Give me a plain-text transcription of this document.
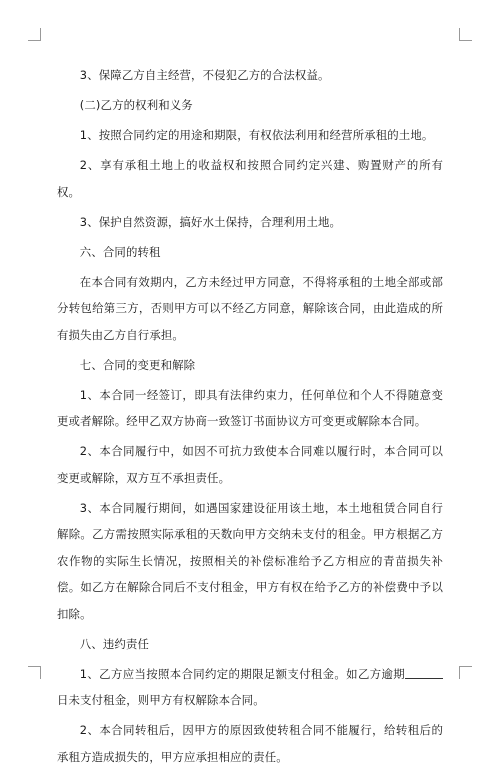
3、保障乙方自主经营，不侵犯乙方的合法权益。

(二)乙方的权利和义务

1、按照合同约定的用途和期限，有权依法利用和经营所承租的土地。

2、享有承租土地上的收益权和按照合同约定兴建、购置财产的所有权。

3、保护自然资源，搞好水土保持，合理利用土地。

六、合同的转租

在本合同有效期内，乙方未经过甲方同意，不得将承租的土地全部或部分转包给第三方，否则甲方可以不经乙方同意，解除该合同，由此造成的所有损失由乙方自行承担。

七、合同的变更和解除

1、本合同一经签订，即具有法律约束力，任何单位和个人不得随意变更或者解除。经甲乙双方协商一致签订书面协议方可变更或解除本合同。

2、本合同履行中，如因不可抗力致使本合同难以履行时，本合同可以变更或解除，双方互不承担责任。

3、本合同履行期间，如遇国家建设征用该土地，本土地租赁合同自行解除。乙方需按照实际承租的天数向甲方交纳未支付的租金。甲方根据乙方农作物的实际生长情况，按照相关的补偿标准给予乙方相应的青苗损失补偿。如乙方在解除合同后不支付租金，甲方有权在给予乙方的补偿费中予以扣除。

八、违约责任

1、乙方应当按照本合同约定的期限足额支付租金。如乙方逾期日未支付租金，则甲方有权解除本合同。

2、本合同转租后，因甲方的原因致使转租合同不能履行，给转租后的承租方造成损失的，甲方应承担相应的责任。
